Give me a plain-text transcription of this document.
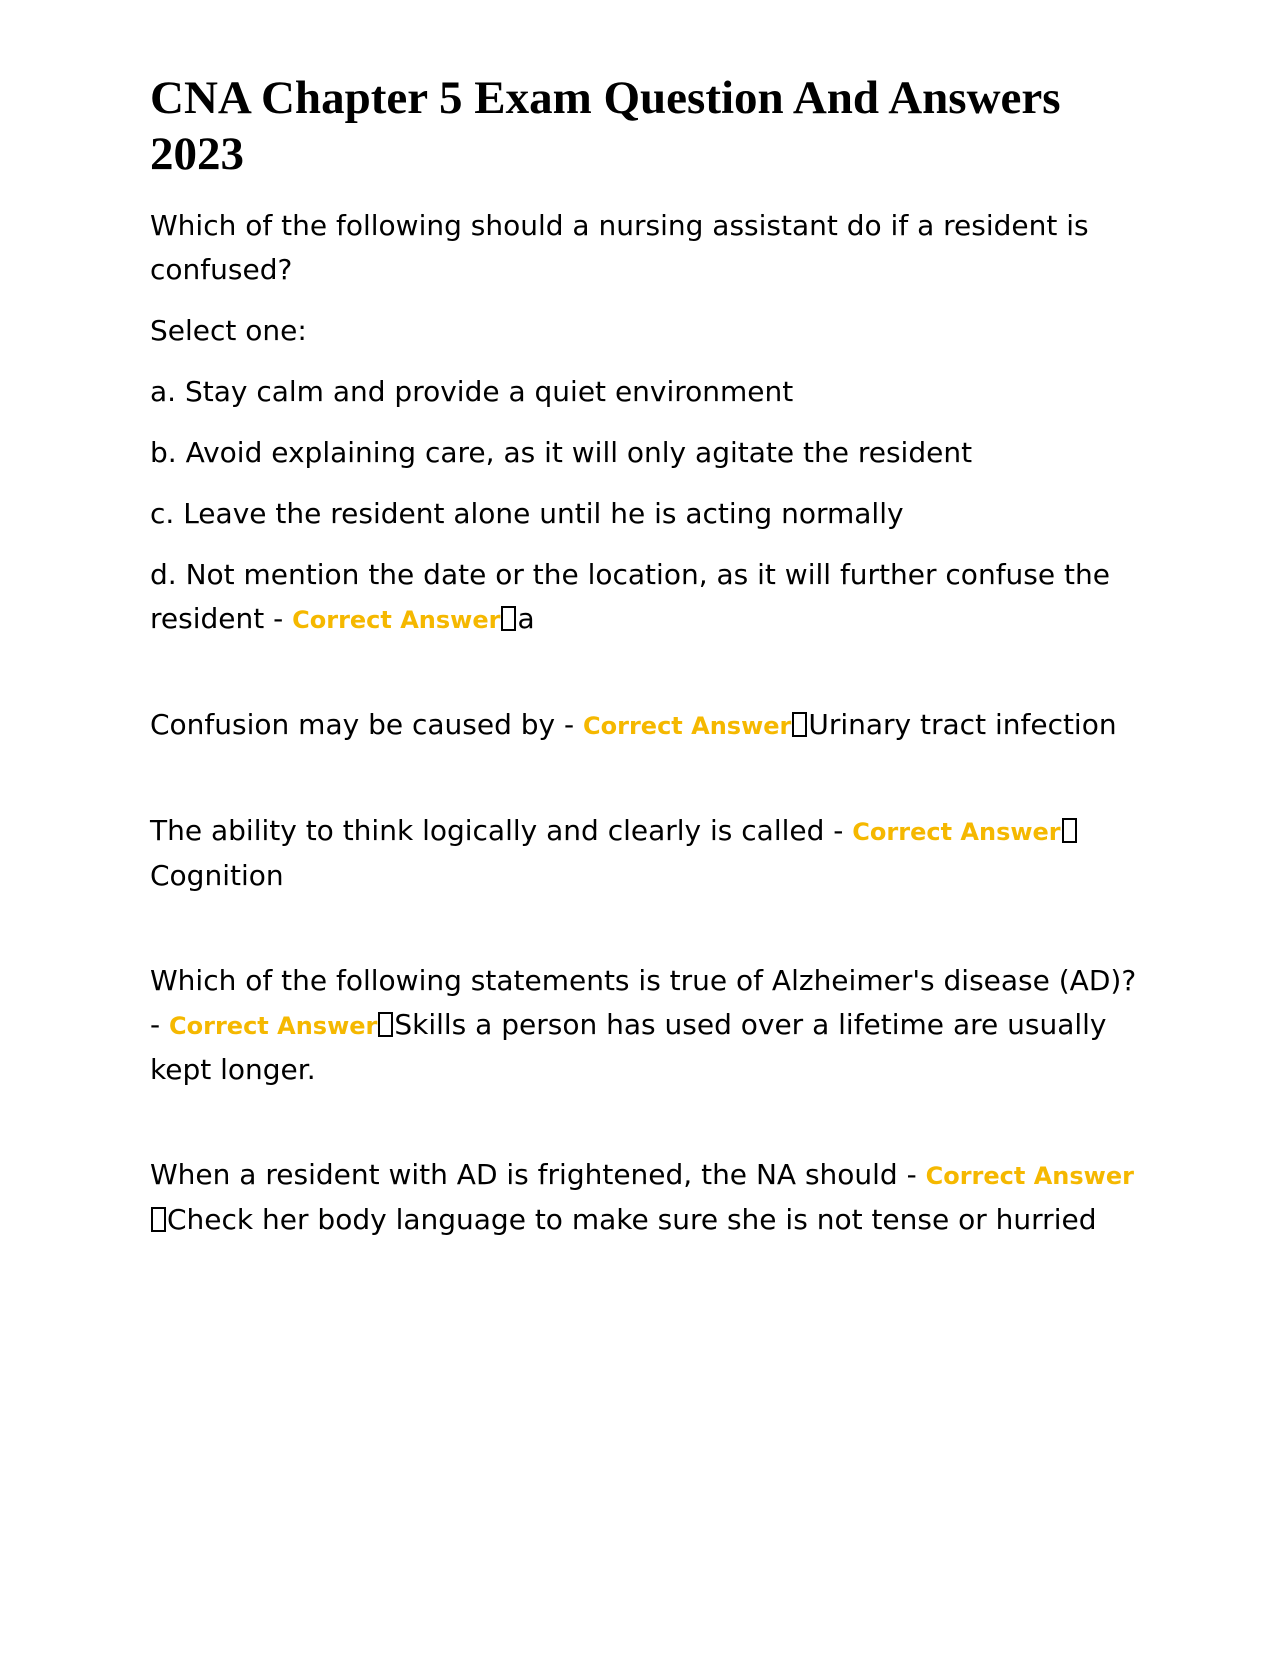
CNA Chapter 5 Exam Question And Answers 2023

Which of the following should a nursing assistant do if a resident is confused?

Select one:

a. Stay calm and provide a quiet environment

b. Avoid explaining care, as it will only agitate the resident

c. Leave the resident alone until he is acting normally

d. Not mention the date or the location, as it will further confuse the resident - Correct Answer a

Confusion may be caused by - Correct Answer Urinary tract infection

The ability to think logically and clearly is called - Correct AnswerCognition

Which of the following statements is true of Alzheimer's disease (AD)? - Correct Answer Skills a person has used over a lifetime are usually kept longer.

When a resident with AD is frightened, the NA should - Correct AnswerCheck her body language to make sure she is not tense or hurried
